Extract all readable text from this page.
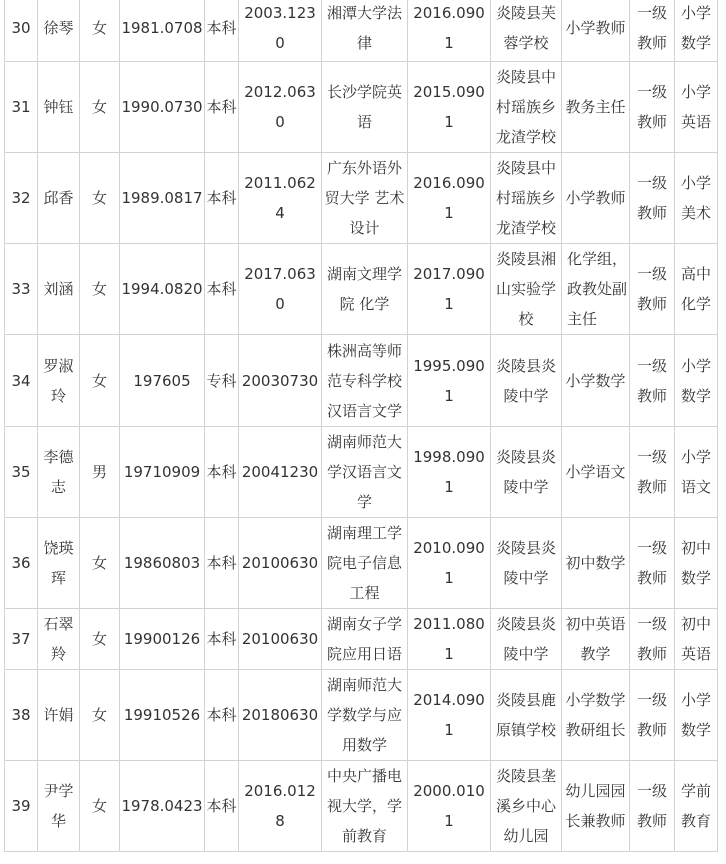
30	徐琴	女	1981.0708	本科	2003.1230	湘潭大学法律	2016.0901	炎陵县芙蓉学校	小学教师	一级教师	小学数学
31	钟钰	女	1990.0730	本科	2012.0630	长沙学院英语	2015.0901	炎陵县中村瑶族乡龙渣学校	教务主任	一级教师	小学英语
32	邱香	女	1989.0817	本科	2011.0624	广东外语外贸大学 艺术设计	2016.0901	炎陵县中村瑶族乡龙渣学校	小学教师	一级教师	小学美术
33	刘涵	女	1994.0820	本科	2017.0630	湖南文理学院 化学	2017.0901	炎陵县湘山实验学校	化学组，政教处副主任	一级教师	高中化学
34	罗淑玲	女	197605	专科	20030730	株洲高等师范专科学校汉语言文学	1995.0901	炎陵县炎陵中学	小学数学	一级教师	小学数学
35	李德志	男	19710909	本科	20041230	湖南师范大学汉语言文学	1998.0901	炎陵县炎陵中学	小学语文	一级教师	小学语文
36	饶瑛珲	女	19860803	本科	20100630	湖南理工学院电子信息工程	2010.0901	炎陵县炎陵中学	初中数学	一级教师	初中数学
37	石翠羚	女	19900126	本科	20100630	湖南女子学院应用日语	2011.0801	炎陵县炎陵中学	初中英语教学	一级教师	初中英语
38	许娟	女	19910526	本科	20180630	湖南师范大学数学与应用数学	2014.0901	炎陵县鹿原镇学校	小学数学教研组长	一级教师	小学数学
39	尹学华	女	1978.0423	本科	2016.0128	中央广播电视大学，学前教育	2000.0101	炎陵县垄溪乡中心幼儿园	幼儿园园长兼教师	一级教师	学前教育
